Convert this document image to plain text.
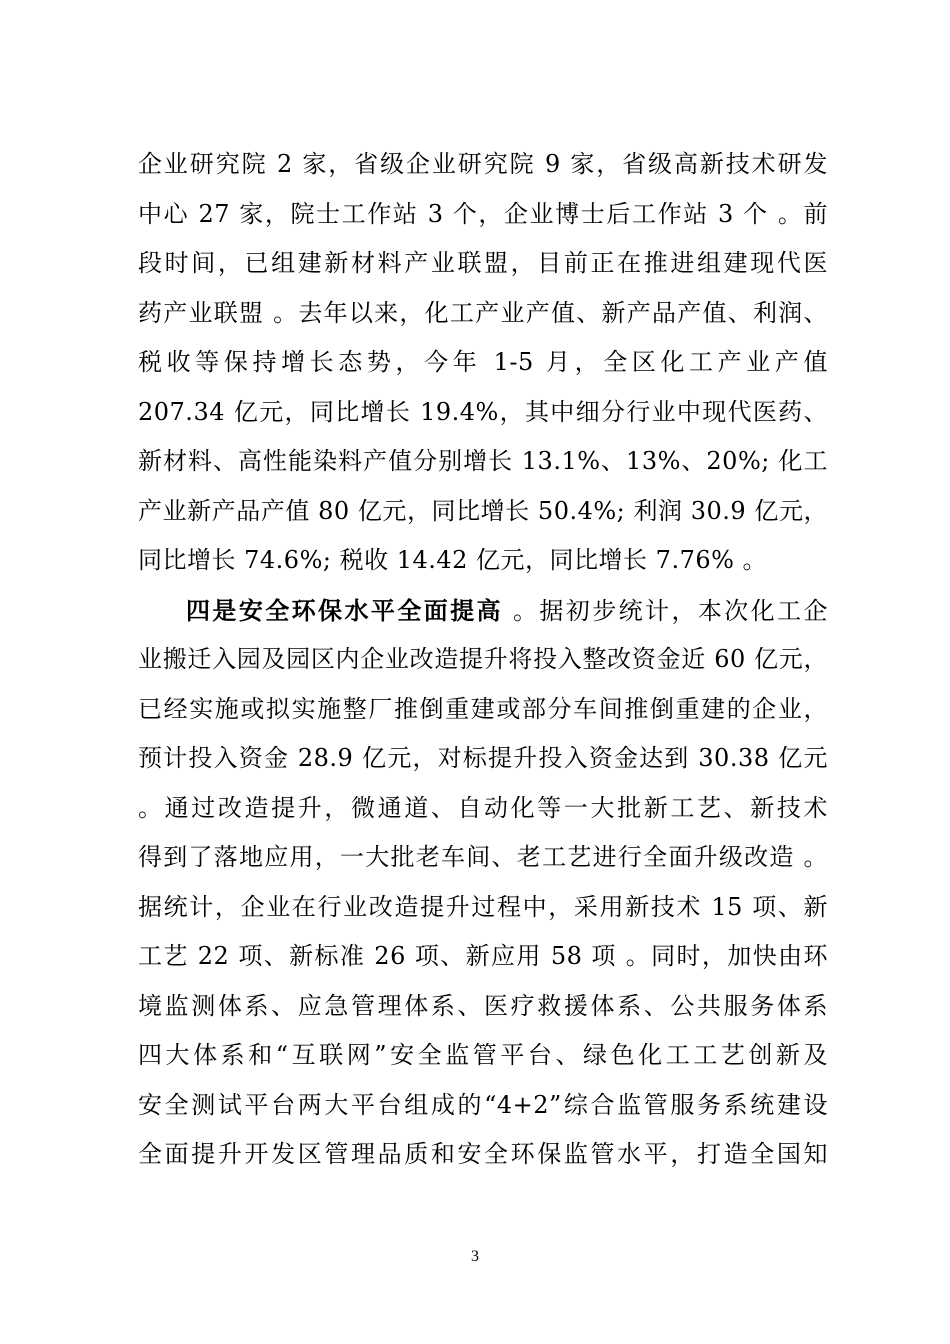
企业研究院 2 家，省级企业研究院 9 家，省级高新技术研发
中心 27 家，院士工作站 3 个，企业博士后工作站 3 个 。前
段时间，已组建新材料产业联盟，目前正在推进组建现代医
药产业联盟 。去年以来，化工产业产值、新产品产值、利润、
税收等保持增长态势，今年 1-5 月，全区化工产业产值
207.34 亿元，同比增长 19.4%，其中细分行业中现代医药、
新材料、高性能染料产值分别增长 13.1%、13%、20%; 化工
产业新产品产值 80 亿元，同比增长 50.4%; 利润 30.9 亿元，
同比增长 74.6%; 税收 14.42 亿元，同比增长 7.76% 。
四是安全环保水平全面提高 。据初步统计，本次化工企
业搬迁入园及园区内企业改造提升将投入整改资金近 60 亿元，
已经实施或拟实施整厂推倒重建或部分车间推倒重建的企业，
预计投入资金 28.9 亿元，对标提升投入资金达到 30.38 亿元
。通过改造提升，微通道、自动化等一大批新工艺、新技术
得到了落地应用，一大批老车间、老工艺进行全面升级改造 。
据统计，企业在行业改造提升过程中，采用新技术 15 项、新
工艺 22 项、新标准 26 项、新应用 58 项 。同时，加快由环
境监测体系、应急管理体系、医疗救援体系、公共服务体系
四大体系和“互联网”安全监管平台、绿色化工工艺创新及
安全测试平台两大平台组成的“4+2”综合监管服务系统建设
全面提升开发区管理品质和安全环保监管水平，打造全国知
3
